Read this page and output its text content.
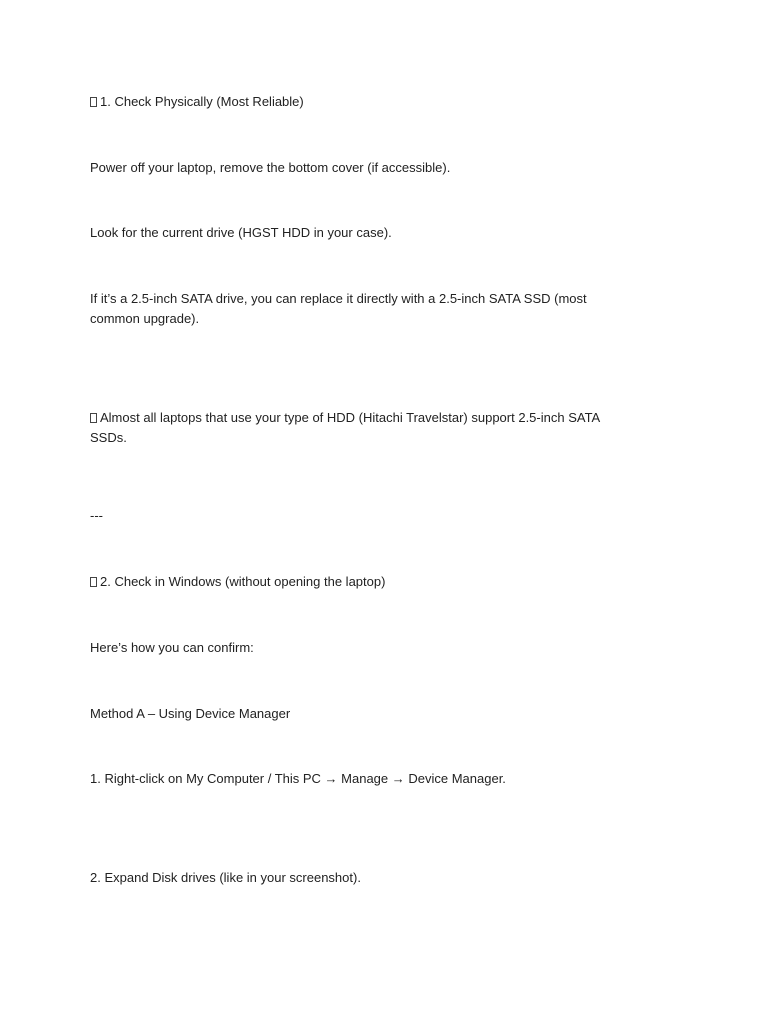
1. Check Physically (Most Reliable)
Power off your laptop, remove the bottom cover (if accessible).
Look for the current drive (HGST HDD in your case).
If it’s a 2.5-inch SATA drive, you can replace it directly with a 2.5-inch SATA SSD (most common upgrade).
Almost all laptops that use your type of HDD (Hitachi Travelstar) support 2.5-inch SATA SSDs.
---
2. Check in Windows (without opening the laptop)
Here’s how you can confirm:
Method A – Using Device Manager
1. Right-click on My Computer / This PC → Manage → Device Manager.
2. Expand Disk drives (like in your screenshot).
